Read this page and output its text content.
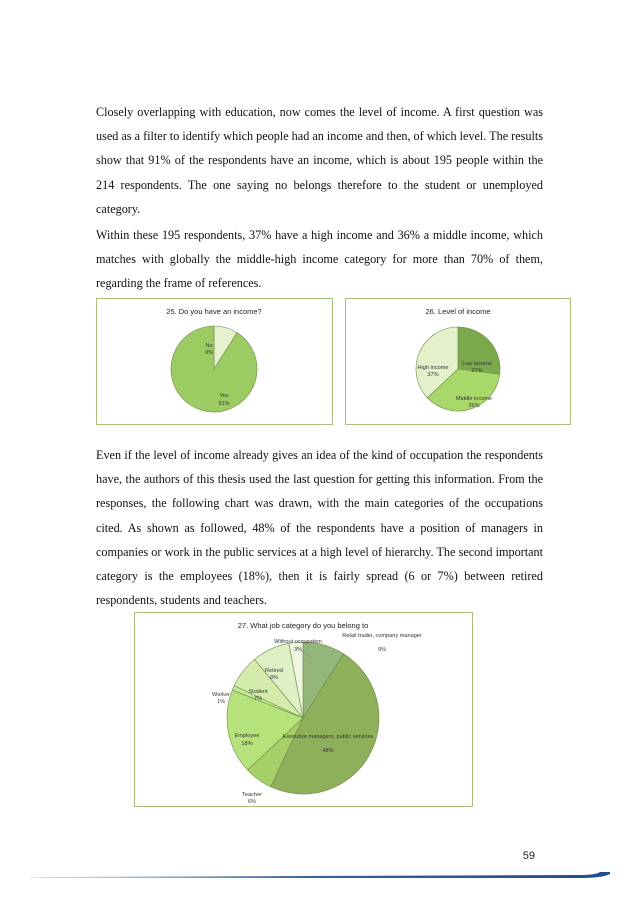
Closely overlapping with education, now comes the level of income. A first question was used as a filter to identify which people had an income and then, of which level. The results show that 91% of the respondents have an income, which is about 195 people within the 214 respondents. The one saying no belongs therefore to the student or unemployed category.

Within these 195 respondents, 37% have a high income and 36% a middle income, which matches with globally the middle-high income category for more than 70% of them, regarding the frame of references.

25. Do you have an income?
No
9%
Yes
91%
26. Level of income
Low income
27%
Middle income
36%
High income
37%

Even if the level of income already gives an idea of the kind of occupation the respondents have, the authors of this thesis used the last question for getting this information. From the responses, the following chart was drawn, with the main categories of the occupations cited. As shown as followed, 48% of the respondents have a position of managers in companies or work in the public services at a high level of hierarchy. The second important category is the employees (18%), then it is fairly spread (6 or 7%) between retired respondents, students and teachers.

27. What job category do you belong to
Retail trader, company manager
9%
Executive managers, public services
48%
Teacher
6%
Employee
18%
Worker
1%
Student
7%
Retired
8%
Without occupation
3%
59
